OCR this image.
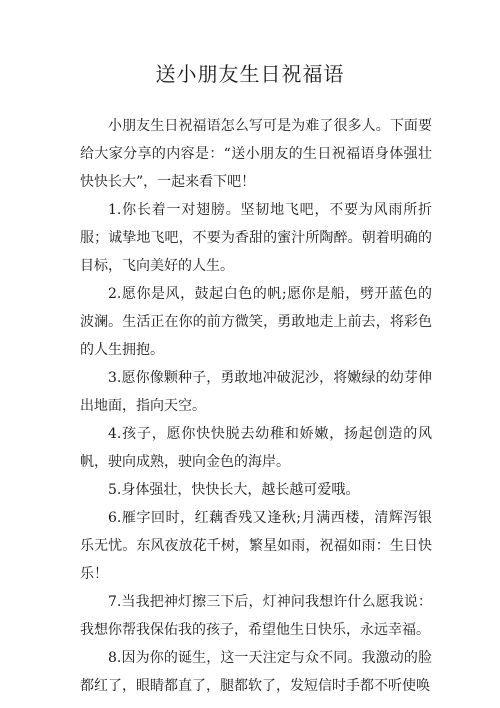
送小朋友生日祝福语

小朋友生日祝福语怎么写可是为难了很多人。下面要给大家分享的内容是：“送小朋友的生日祝福语身体强壮快快长大”，一起来看下吧！

1.你长着一对翅膀。坚韧地飞吧，不要为风雨所折服；诚挚地飞吧，不要为香甜的蜜汁所陶醉。朝着明确的目标，飞向美好的人生。

2.愿你是风，鼓起白色的帆;愿你是船，劈开蓝色的波澜。生活正在你的前方微笑，勇敢地走上前去，将彩色的人生拥抱。

3.愿你像颗种子，勇敢地冲破泥沙，将嫩绿的幼芽伸出地面，指向天空。

4.孩子，愿你快快脱去幼稚和娇嫩，扬起创造的风帆，驶向成熟，驶向金色的海岸。

5.身体强壮，快快长大，越长越可爱哦。

6.雁字回时，红藕香残又逢秋;月满西楼，清辉泻银乐无忧。东风夜放花千树，繁星如雨，祝福如雨：生日快乐！

7.当我把神灯擦三下后，灯神问我想许什么愿我说：我想你帮我保佑我的孩子，希望他生日快乐，永远幸福。

8.因为你的诞生，这一天注定与众不同。我激动的脸都红了，眼睛都直了，腿都软了，发短信时手都不听使唤
